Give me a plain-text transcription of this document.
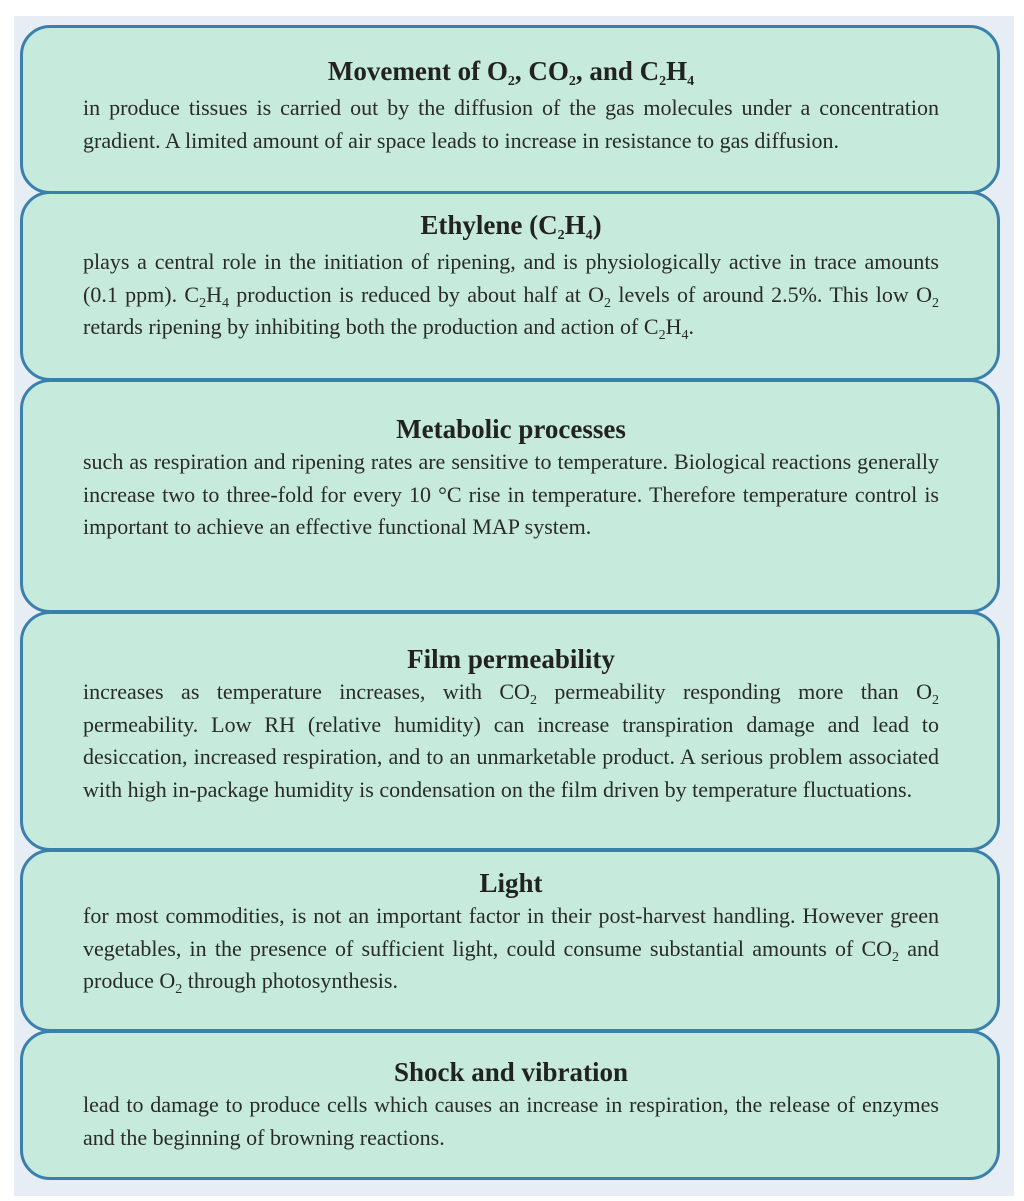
Movement of $O_2$, $CO_2$, and $C_2H_4$

in produce tissues is carried out by the diffusion of the gas molecules under a concentration gradient. A limited amount of air space leads to increase in resistance to gas diffusion.

Ethylene $(C_2H_4)$

plays a central role in the initiation of ripening, and is physiologically active in trace amounts (0.1 ppm). $C_2H_4$ production is reduced by about half at $O_2$ levels of around 2.5%. This low $O_2$ retards ripening by inhibiting both the production and action of $C_2H_4$.

Metabolic processes

such as respiration and ripening rates are sensitive to temperature. Biological reactions generally increase two to three-fold for every 10 °C rise in temperature. Therefore temperature control is important to achieve an effective functional MAP system.

Film permeability

increases as temperature increases, with $CO_2$ permeability responding more than $O_2$ permeability. Low RH (relative humidity) can increase transpiration damage and lead to desiccation, increased respiration, and to an unmarketable product. A serious problem associated with high in-package humidity is condensation on the film driven by temperature fluctuations.

Light

for most commodities, is not an important factor in their post-harvest handling. However green vegetables, in the presence of sufficient light, could consume substantial amounts of $CO_2$ and produce $O_2$ through photosynthesis.

Shock and vibration

lead to damage to produce cells which causes an increase in respiration, the release of enzymes and the beginning of browning reactions.
